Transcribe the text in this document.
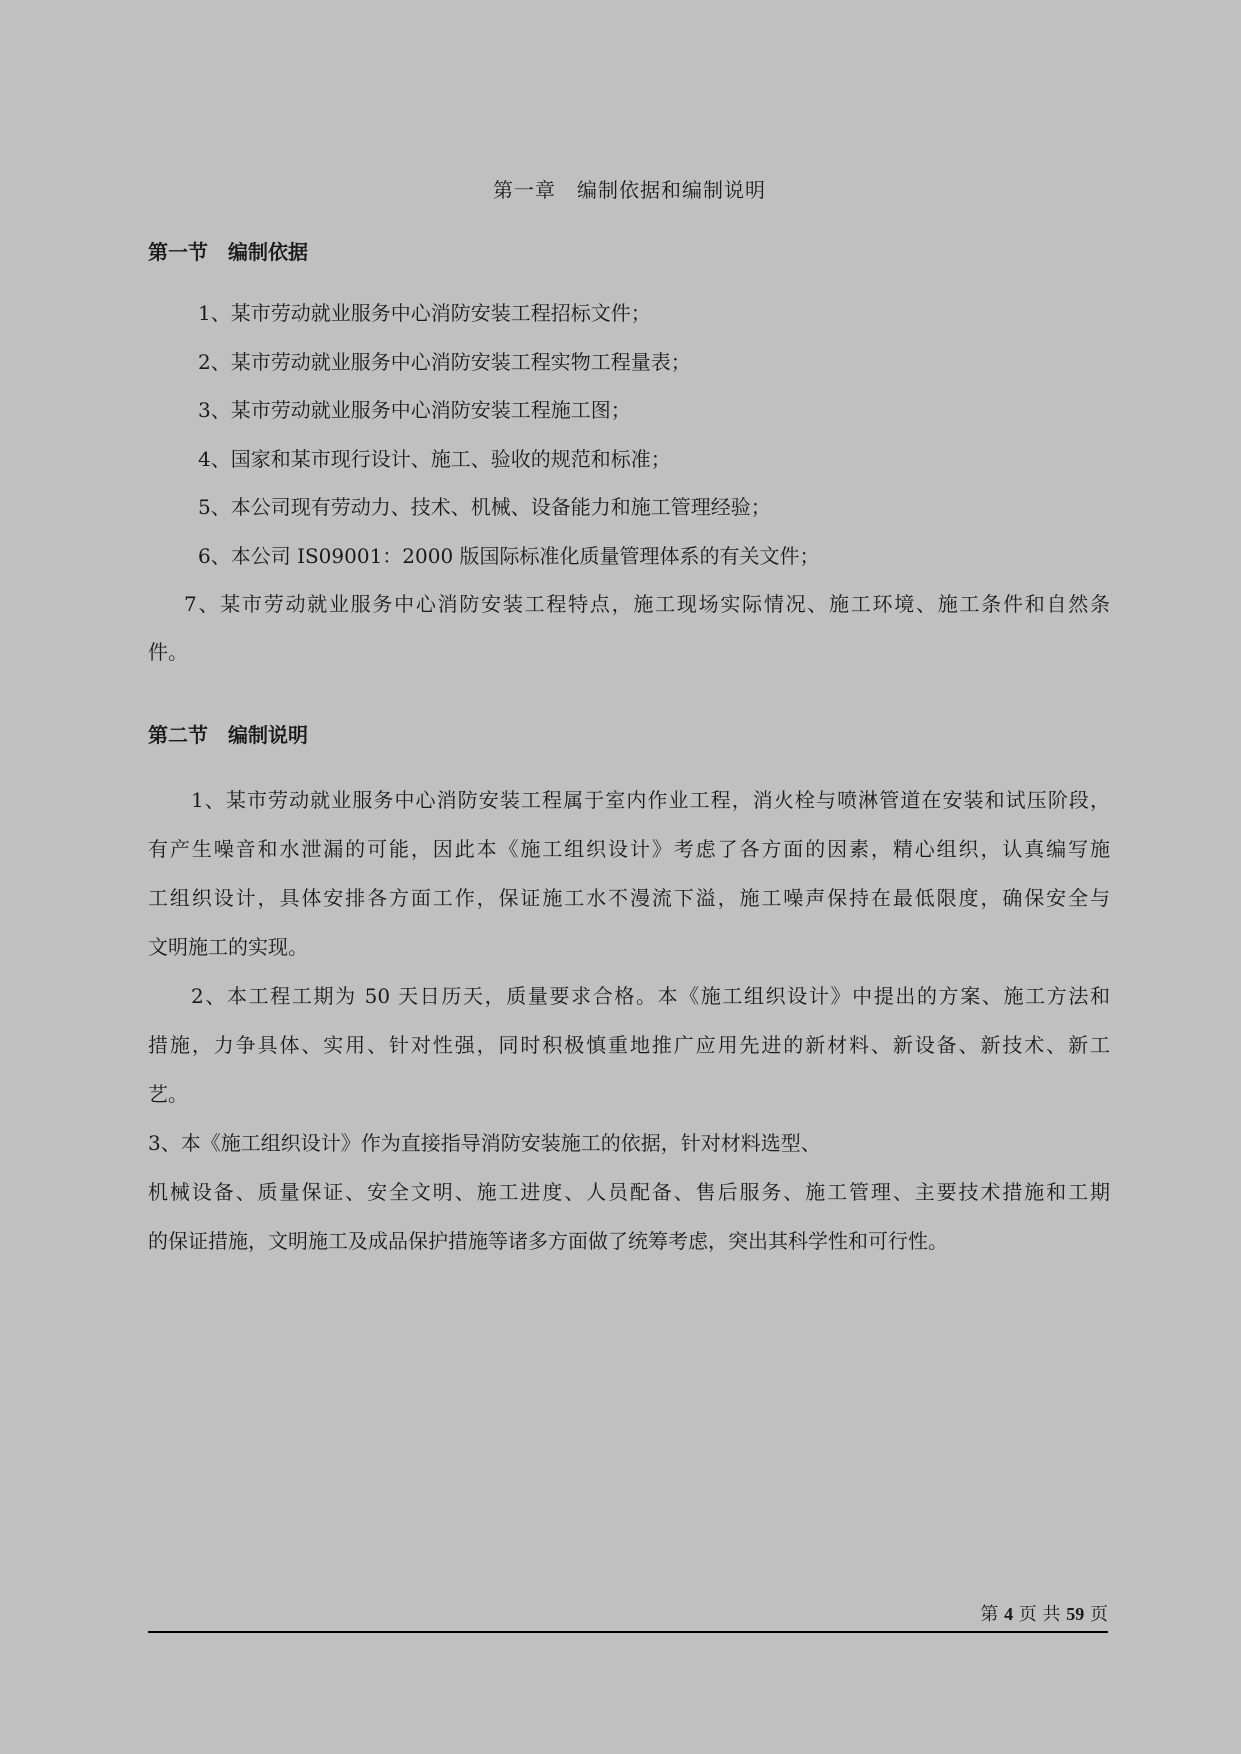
第一章　编制依据和编制说明
第一节　编制依据
1、某市劳动就业服务中心消防安装工程招标文件；
2、某市劳动就业服务中心消防安装工程实物工程量表；
3、某市劳动就业服务中心消防安装工程施工图；
4、国家和某市现行设计、施工、验收的规范和标准；
5、本公司现有劳动力、技术、机械、设备能力和施工管理经验；
6、本公司 IS09001：2000 版国际标准化质量管理体系的有关文件；
7、某市劳动就业服务中心消防安装工程特点，施工现场实际情况、施工环境、施工条件和自然条
件。
第二节　编制说明
1、某市劳动就业服务中心消防安装工程属于室内作业工程，消火栓与喷淋管道在安装和试压阶段，
有产生噪音和水泄漏的可能，因此本《施工组织设计》考虑了各方面的因素，精心组织，认真编写施
工组织设计，具体安排各方面工作，保证施工水不漫流下溢，施工噪声保持在最低限度，确保安全与
文明施工的实现。
2、本工程工期为 50 天日历天，质量要求合格。本《施工组织设计》中提出的方案、施工方法和
措施，力争具体、实用、针对性强，同时积极慎重地推广应用先进的新材料、新设备、新技术、新工
艺。
3、本《施工组织设计》作为直接指导消防安装施工的依据，针对材料选型、
机械设备、质量保证、安全文明、施工进度、人员配备、售后服务、施工管理、主要技术措施和工期
的保证措施，文明施工及成品保护措施等诸多方面做了统筹考虑，突出其科学性和可行性。
第 4 页 共 59 页
